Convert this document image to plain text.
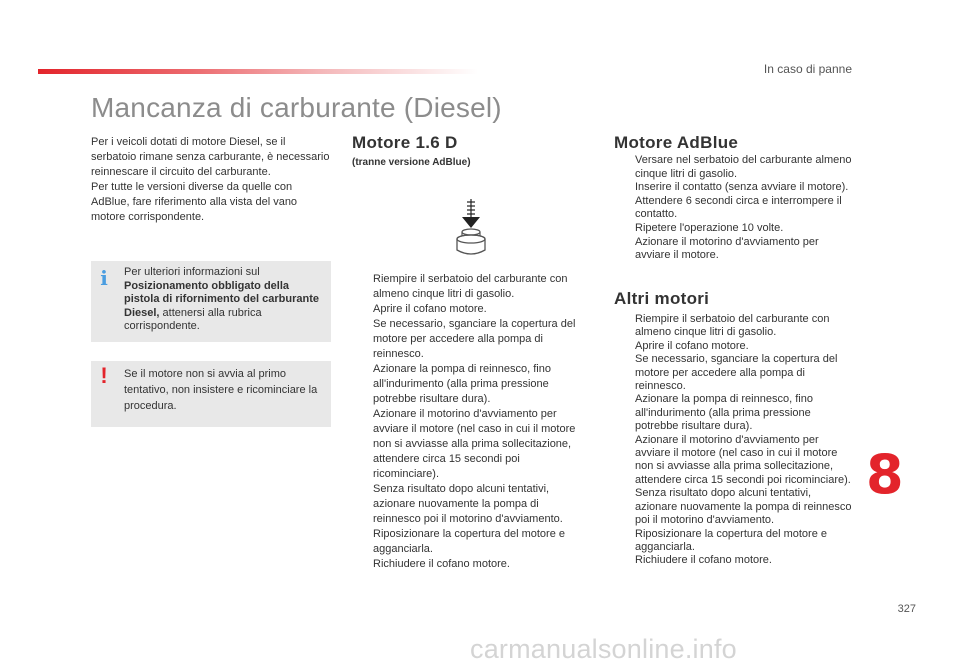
In caso di panne
Mancanza di carburante (Diesel)

Per i veicoli dotati di motore Diesel, se il serbatoio rimane senza carburante, è necessario reinnescare il circuito del carburante.

Per tutte le versioni diverse da quelle con AdBlue, fare riferimento alla vista del vano motore corrispondente.

i Per ulteriori informazioni sul Posizionamento obbligato della pistola di rifornimento del carburante Diesel, attenersi alla rubrica corrispondente.
!	Se il motore non si avvia al primo tentativo, non insistere e ricominciare la procedura.
Motore 1.6 D
(tranne versione AdBlue)
Riempire il serbatoio del carburante con almeno cinque litri di gasolio.
Aprire il cofano motore.
Se necessario, sganciare la copertura del motore per accedere alla pompa di reinnesco.
Azionare la pompa di reinnesco, fino all'indurimento (alla prima pressione potrebbe risultare dura).
Azionare il motorino d'avviamento per avviare il motore (nel caso in cui il motore non si avviasse alla prima sollecitazione, attendere circa 15 secondi poi ricominciare).
Senza risultato dopo alcuni tentativi, azionare nuovamente la pompa di reinnesco poi il motorino d'avviamento.
Riposizionare la copertura del motore e agganciarla.
Richiudere il cofano motore.
Motore AdBlue
Versare nel serbatoio del carburante almeno cinque litri di gasolio.
Inserire il contatto (senza avviare il motore).
Attendere 6 secondi circa e interrompere il contatto.
Ripetere l'operazione 10 volte.
Azionare il motorino d'avviamento per avviare il motore.
Altri motori
Riempire il serbatoio del carburante con almeno cinque litri di gasolio.
Aprire il cofano motore.
Se necessario, sganciare la copertura del motore per accedere alla pompa di reinnesco.
Azionare la pompa di reinnesco, fino all'indurimento (alla prima pressione potrebbe risultare dura).
Azionare il motorino d'avviamento per avviare il motore (nel caso in cui il motore non si avviasse alla prima sollecitazione, attendere circa 15 secondi poi ricominciare).
Senza risultato dopo alcuni tentativi, azionare nuovamente la pompa di reinnesco poi il motorino d'avviamento.
Riposizionare la copertura del motore e agganciarla.
Richiudere il cofano motore.
8
327
carmanualsonline.info
